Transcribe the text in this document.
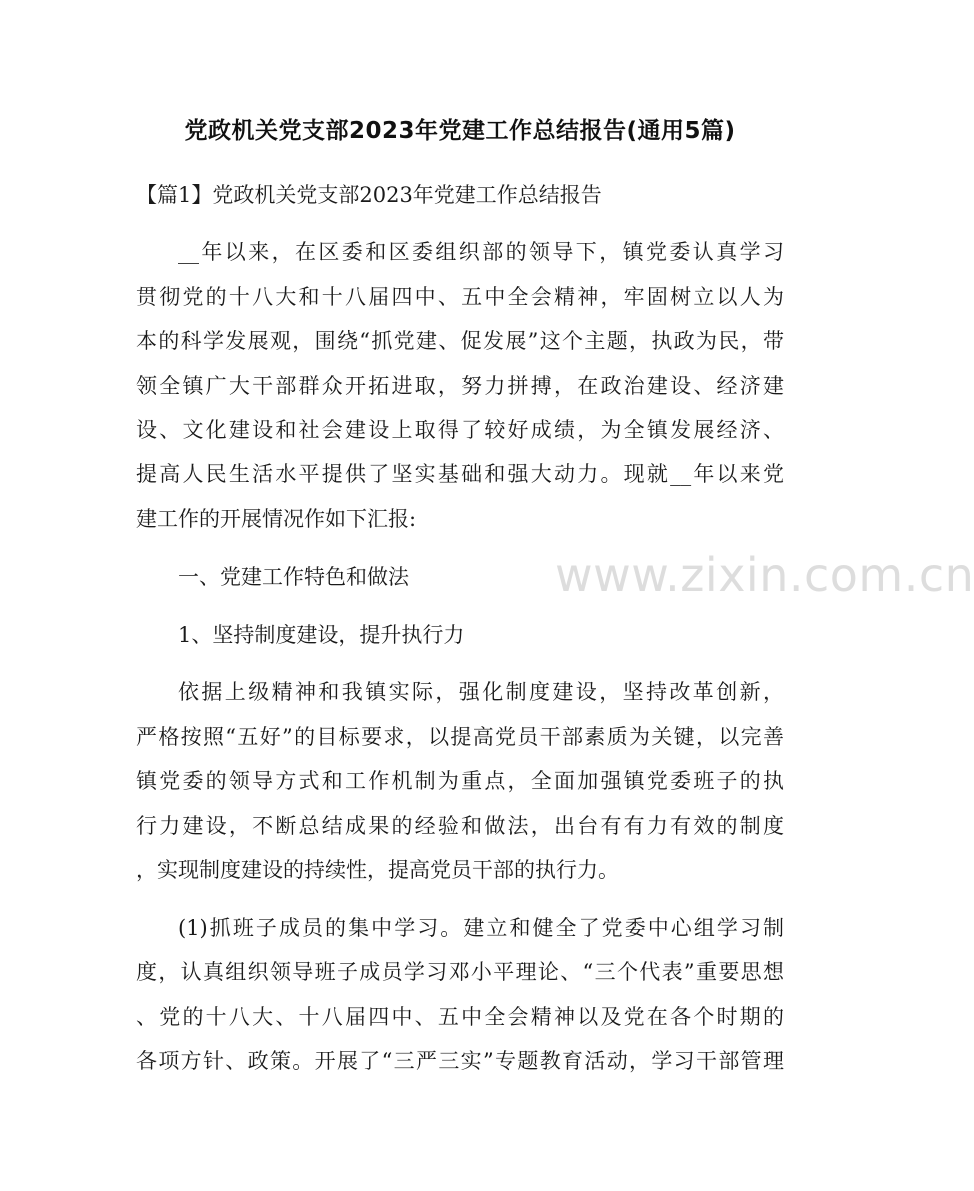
党政机关党支部2023年党建工作总结报告(通用5篇)
【篇1】党政机关党支部2023年党建工作总结报告
__年以来，在区委和区委组织部的领导下，镇党委认真学习
贯彻党的十八大和十八届四中、五中全会精神，牢固树立以人为
本的科学发展观，围绕“抓党建、促发展”这个主题，执政为民，带
领全镇广大干部群众开拓进取，努力拼搏，在政治建设、经济建
设、文化建设和社会建设上取得了较好成绩，为全镇发展经济、
提高人民生活水平提供了坚实基础和强大动力。现就__年以来党
建工作的开展情况作如下汇报:
一、党建工作特色和做法
1、坚持制度建设，提升执行力
依据上级精神和我镇实际，强化制度建设，坚持改革创新，
严格按照“五好”的目标要求，以提高党员干部素质为关键，以完善
镇党委的领导方式和工作机制为重点，全面加强镇党委班子的执
行力建设，不断总结成果的经验和做法，出台有有力有效的制度
，实现制度建设的持续性，提高党员干部的执行力。
(1)抓班子成员的集中学习。建立和健全了党委中心组学习制
度，认真组织领导班子成员学习邓小平理论、“三个代表”重要思想
、党的十八大、十八届四中、五中全会精神以及党在各个时期的
各项方针、政策。开展了“三严三实”专题教育活动，学习干部管理
www.zixin.com.cn
